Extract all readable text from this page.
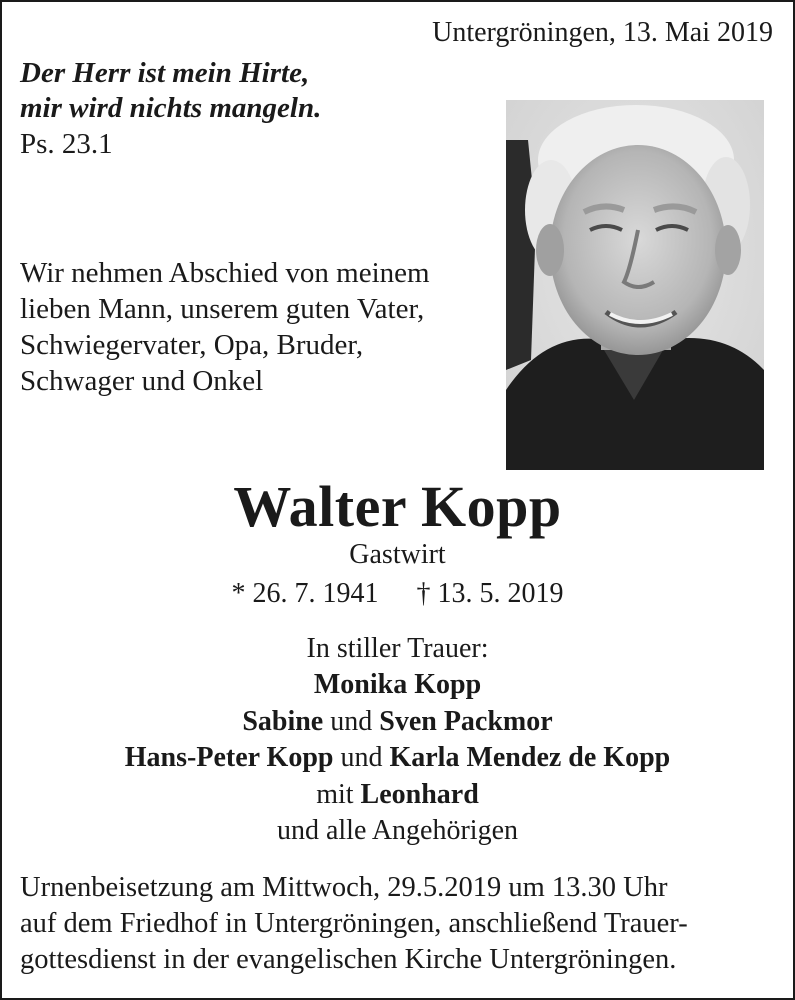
Untergröningen, 13. Mai 2019
Der Herr ist mein Hirte,
mir wird nichts mangeln.
Ps. 23.1
Wir nehmen Abschied von meinem
lieben Mann, unserem guten Vater,
Schwiegervater, Opa, Bruder,
Schwager und Onkel
Walter Kopp
Gastwirt
* 26. 7. 1941 † 13. 5. 2019
In stiller Trauer:
Monika Kopp
Sabine und Sven Packmor
Hans-Peter Kopp und Karla Mendez de Kopp
mit Leonhard
und alle Angehörigen
Urnenbeisetzung am Mittwoch, 29.5.2019 um 13.30 Uhr
auf dem Friedhof in Untergröningen, anschließend Trauer-
gottesdienst in der evangelischen Kirche Untergröningen.
